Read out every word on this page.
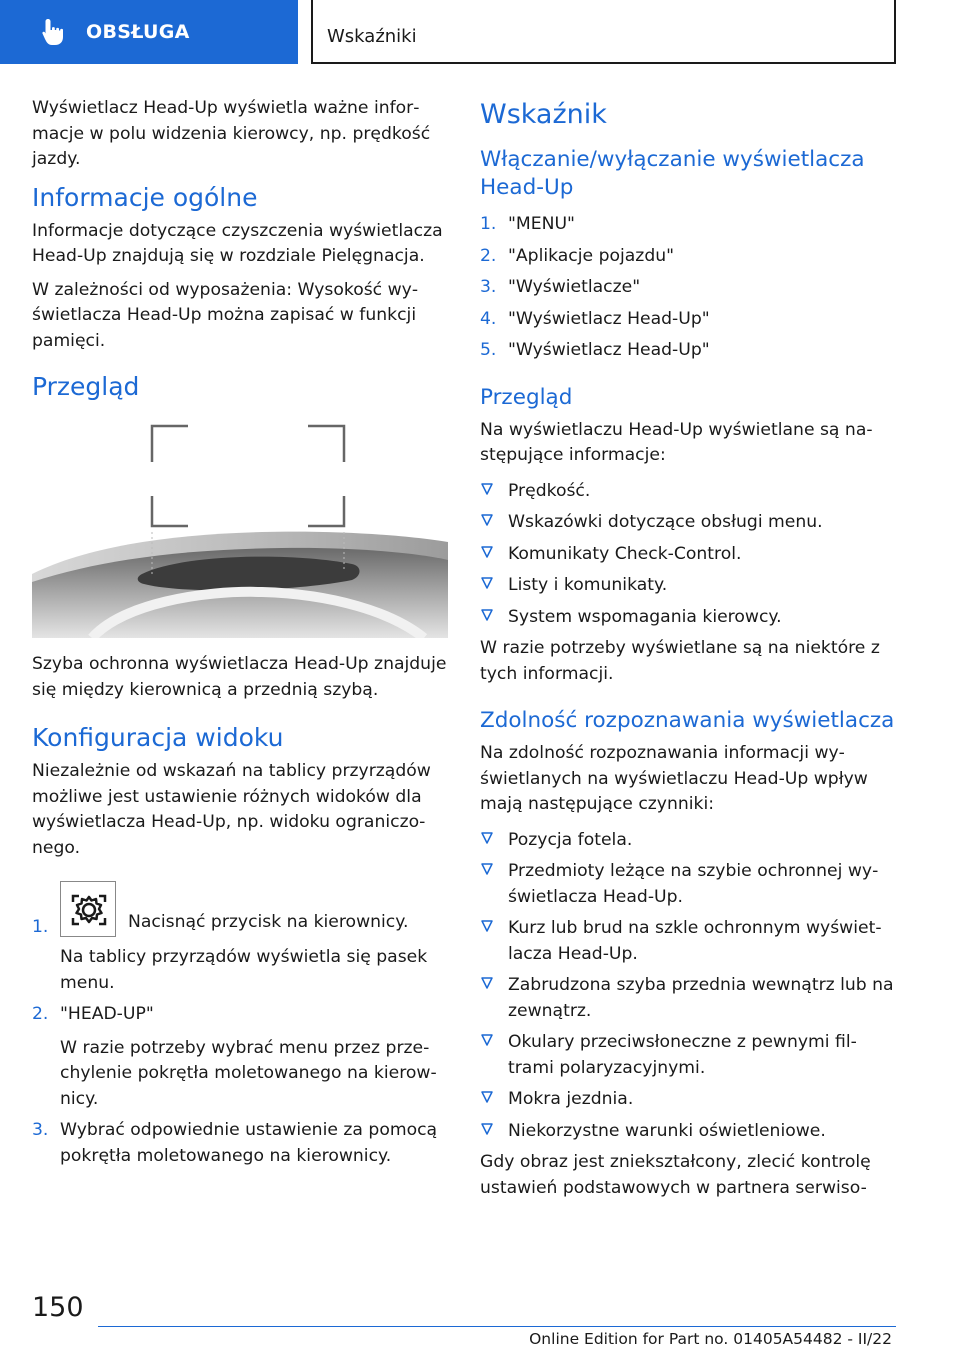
OBSŁUGA	Wskaźniki

Wyświetlacz Head-Up wyświetla ważne informacje w polu widzenia kierowcy, np. prędkość jazdy.

Informacje ogólne

Informacje dotyczące czyszczenia wyświetlacza Head-Up znajdują się w rozdziale Pielęgnacja.

W zależności od wyposażenia: Wysokość wyświetlacza Head-Up można zapisać w funkcji pamięci.

Przegląd

Szyba ochronna wyświetlacza Head-Up znajduje się między kierownicą a przednią szybą.

Konfiguracja widoku

Niezależnie od wskazań na tablicy przyrządów możliwe jest ustawienie różnych widoków dla wyświetlacza Head-Up, np. widoku ograniczonego.

1.	Nacisnąć przycisk na kierownicy.
Na tablicy przyrządów wyświetla się pasek menu.
2. "HEAD-UP"
W razie potrzeby wybrać menu przez przechylenie pokrętła moletowanego na kierownicy.
3. Wybrać odpowiednie ustawienie za pomocą pokrętła moletowanego na kierownicy.
Wskaźnik
Włączanie/wyłączanie wyświetlacza Head-Up
1. "MENU"
2. "Aplikacje pojazdu"
3. "Wyświetlacze"
4. "Wyświetlacz Head-Up"
5. "Wyświetlacz Head-Up"
Przegląd

Na wyświetlaczu Head-Up wyświetlane są następujące informacje:

Prędkość.
Wskazówki dotyczące obsługi menu.
Komunikaty Check-Control.
Listy i komunikaty.
System wspomagania kierowcy.

W razie potrzeby wyświetlane są na niektóre z tych informacji.

Zdolność rozpoznawania wyświetlacza

Na zdolność rozpoznawania informacji wyświetlanych na wyświetlaczu Head-Up wpływ mają następujące czynniki:

Pozycja fotela.
Przedmioty leżące na szybie ochronnej wyświetlacza Head-Up.
Kurz lub brud na szkle ochronnym wyświetlacza Head-Up.
Zabrudzona szyba przednia wewnątrz lub na zewnątrz.
Okulary przeciwsłoneczne z pewnymi filtrami polaryzacyjnymi.
Mokra jezdnia.
Niekorzystne warunki oświetleniowe.

Gdy obraz jest zniekształcony, zlecić kontrolę ustawień podstawowych w partnera serwiso-

150
Online Edition for Part no. 01405A54482 - II/22
